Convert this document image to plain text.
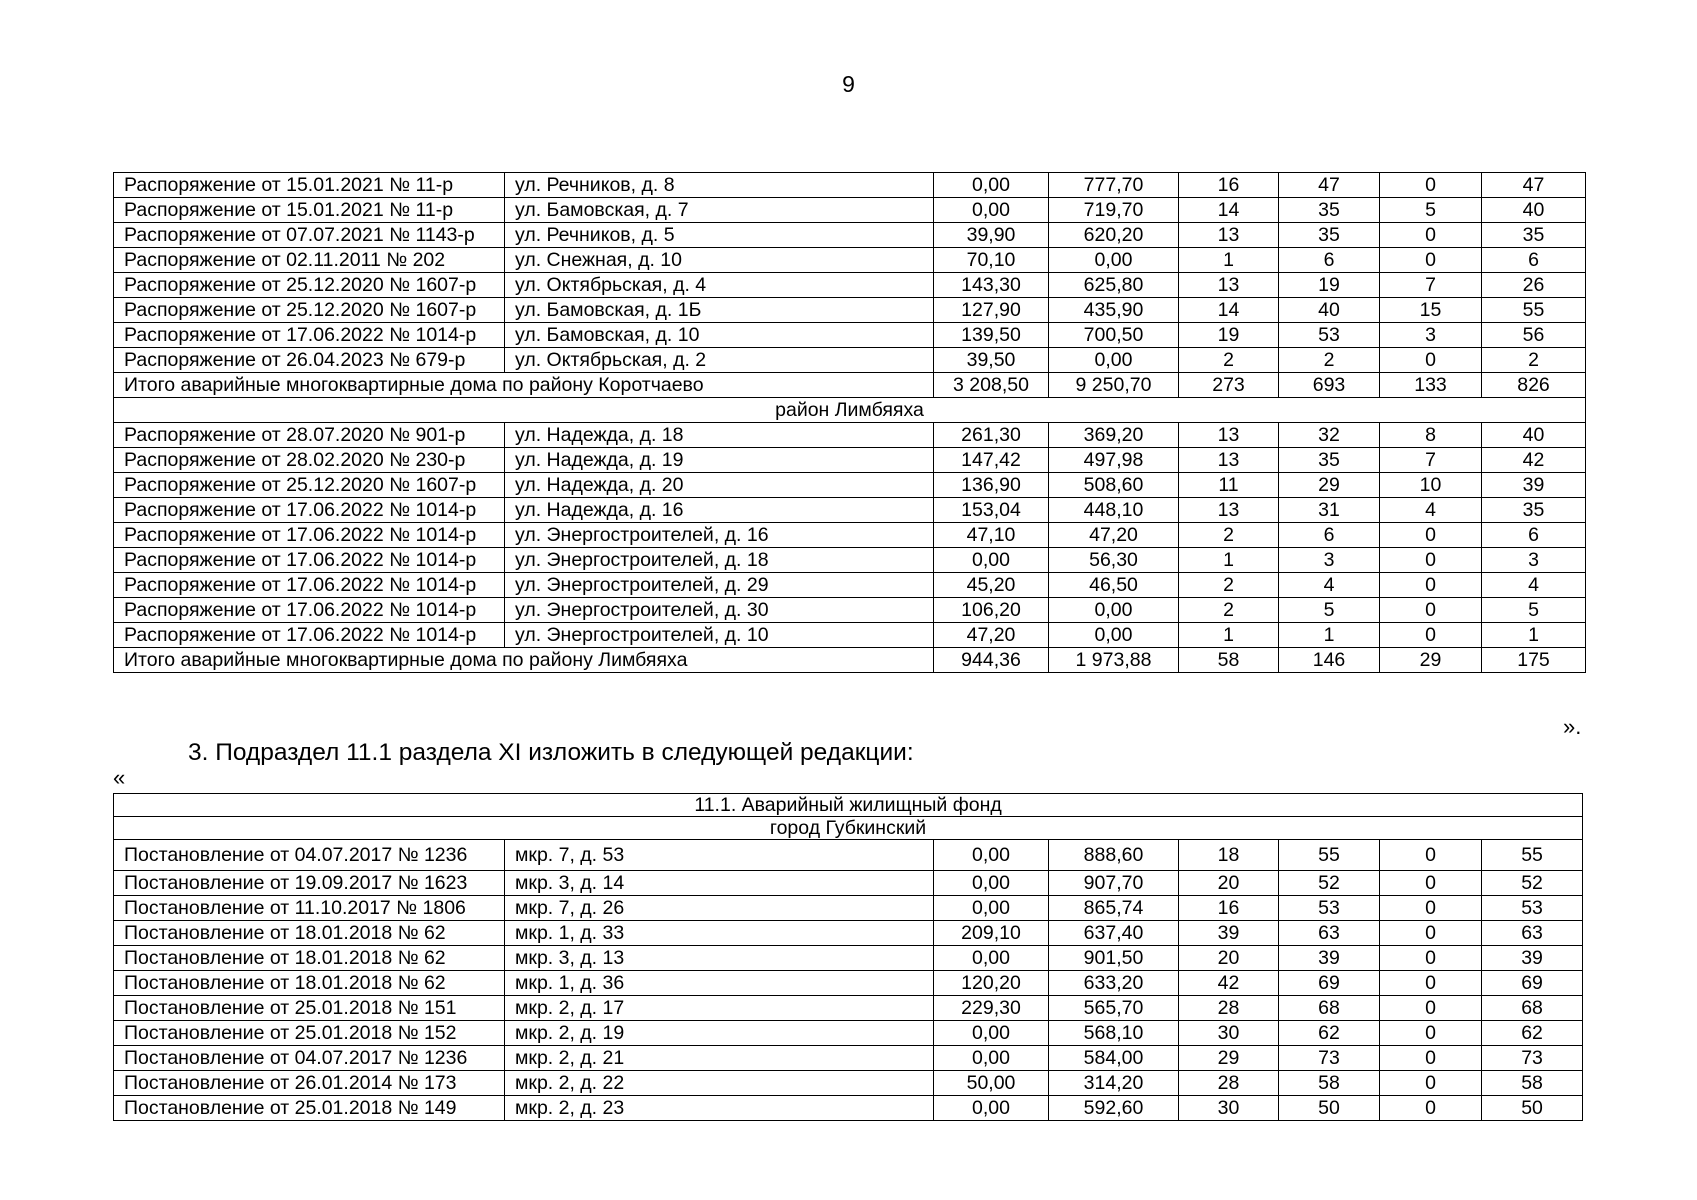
9
Распоряжение от 15.01.2021 № 11-р	ул. Речников, д. 8	0,00	777,70	16	47	0	47
Распоряжение от 15.01.2021 № 11-р	ул. Бамовская, д. 7	0,00	719,70	14	35	5	40
Распоряжение от 07.07.2021 № 1143-р	ул. Речников, д. 5	39,90	620,20	13	35	0	35
Распоряжение от 02.11.2011 № 202	ул. Снежная, д. 10	70,10	0,00	1	6	0	6
Распоряжение от 25.12.2020 № 1607-р	ул. Октябрьская, д. 4	143,30	625,80	13	19	7	26
Распоряжение от 25.12.2020 № 1607-р	ул. Бамовская, д. 1Б	127,90	435,90	14	40	15	55
Распоряжение от 17.06.2022 № 1014-р	ул. Бамовская, д. 10	139,50	700,50	19	53	3	56
Распоряжение от 26.04.2023 № 679-р	ул. Октябрьская, д. 2	39,50	0,00	2	2	0	2
Итого аварийные многоквартирные дома по району Коротчаево		3 208,50	9 250,70	273	693	133	826
район Лимбяяха							
Распоряжение от 28.07.2020 № 901-р	ул. Надежда, д. 18	261,30	369,20	13	32	8	40
Распоряжение от 28.02.2020 № 230-р	ул. Надежда, д. 19	147,42	497,98	13	35	7	42
Распоряжение от 25.12.2020 № 1607-р	ул. Надежда, д. 20	136,90	508,60	11	29	10	39
Распоряжение от 17.06.2022 № 1014-р	ул. Надежда, д. 16	153,04	448,10	13	31	4	35
Распоряжение от 17.06.2022 № 1014-р	ул. Энергостроителей, д. 16	47,10	47,20	2	6	0	6
Распоряжение от 17.06.2022 № 1014-р	ул. Энергостроителей, д. 18	0,00	56,30	1	3	0	3
Распоряжение от 17.06.2022 № 1014-р	ул. Энергостроителей, д. 29	45,20	46,50	2	4	0	4
Распоряжение от 17.06.2022 № 1014-р	ул. Энергостроителей, д. 30	106,20	0,00	2	5	0	5
Распоряжение от 17.06.2022 № 1014-р	ул. Энергостроителей, д. 10	47,20	0,00	1	1	0	1
Итого аварийные многоквартирные дома по району Лимбяяха		944,36	1 973,88	58	146	29	175
».
3. Подраздел 11.1 раздела XI изложить в следующей редакции:
«
11.1. Аварийный жилищный фонд							
город Губкинский							
Постановление от 04.07.2017 № 1236	мкр. 7, д. 53	0,00	888,60	18	55	0	55
Постановление от 19.09.2017 № 1623	мкр. 3, д. 14	0,00	907,70	20	52	0	52
Постановление от 11.10.2017 № 1806	мкр. 7, д. 26	0,00	865,74	16	53	0	53
Постановление от 18.01.2018 № 62	мкр. 1, д. 33	209,10	637,40	39	63	0	63
Постановление от 18.01.2018 № 62	мкр. 3, д. 13	0,00	901,50	20	39	0	39
Постановление от 18.01.2018 № 62	мкр. 1, д. 36	120,20	633,20	42	69	0	69
Постановление от 25.01.2018 № 151	мкр. 2, д. 17	229,30	565,70	28	68	0	68
Постановление от 25.01.2018 № 152	мкр. 2, д. 19	0,00	568,10	30	62	0	62
Постановление от 04.07.2017 № 1236	мкр. 2, д. 21	0,00	584,00	29	73	0	73
Постановление от 26.01.2014 № 173	мкр. 2, д. 22	50,00	314,20	28	58	0	58
Постановление от 25.01.2018 № 149	мкр. 2, д. 23	0,00	592,60	30	50	0	50
